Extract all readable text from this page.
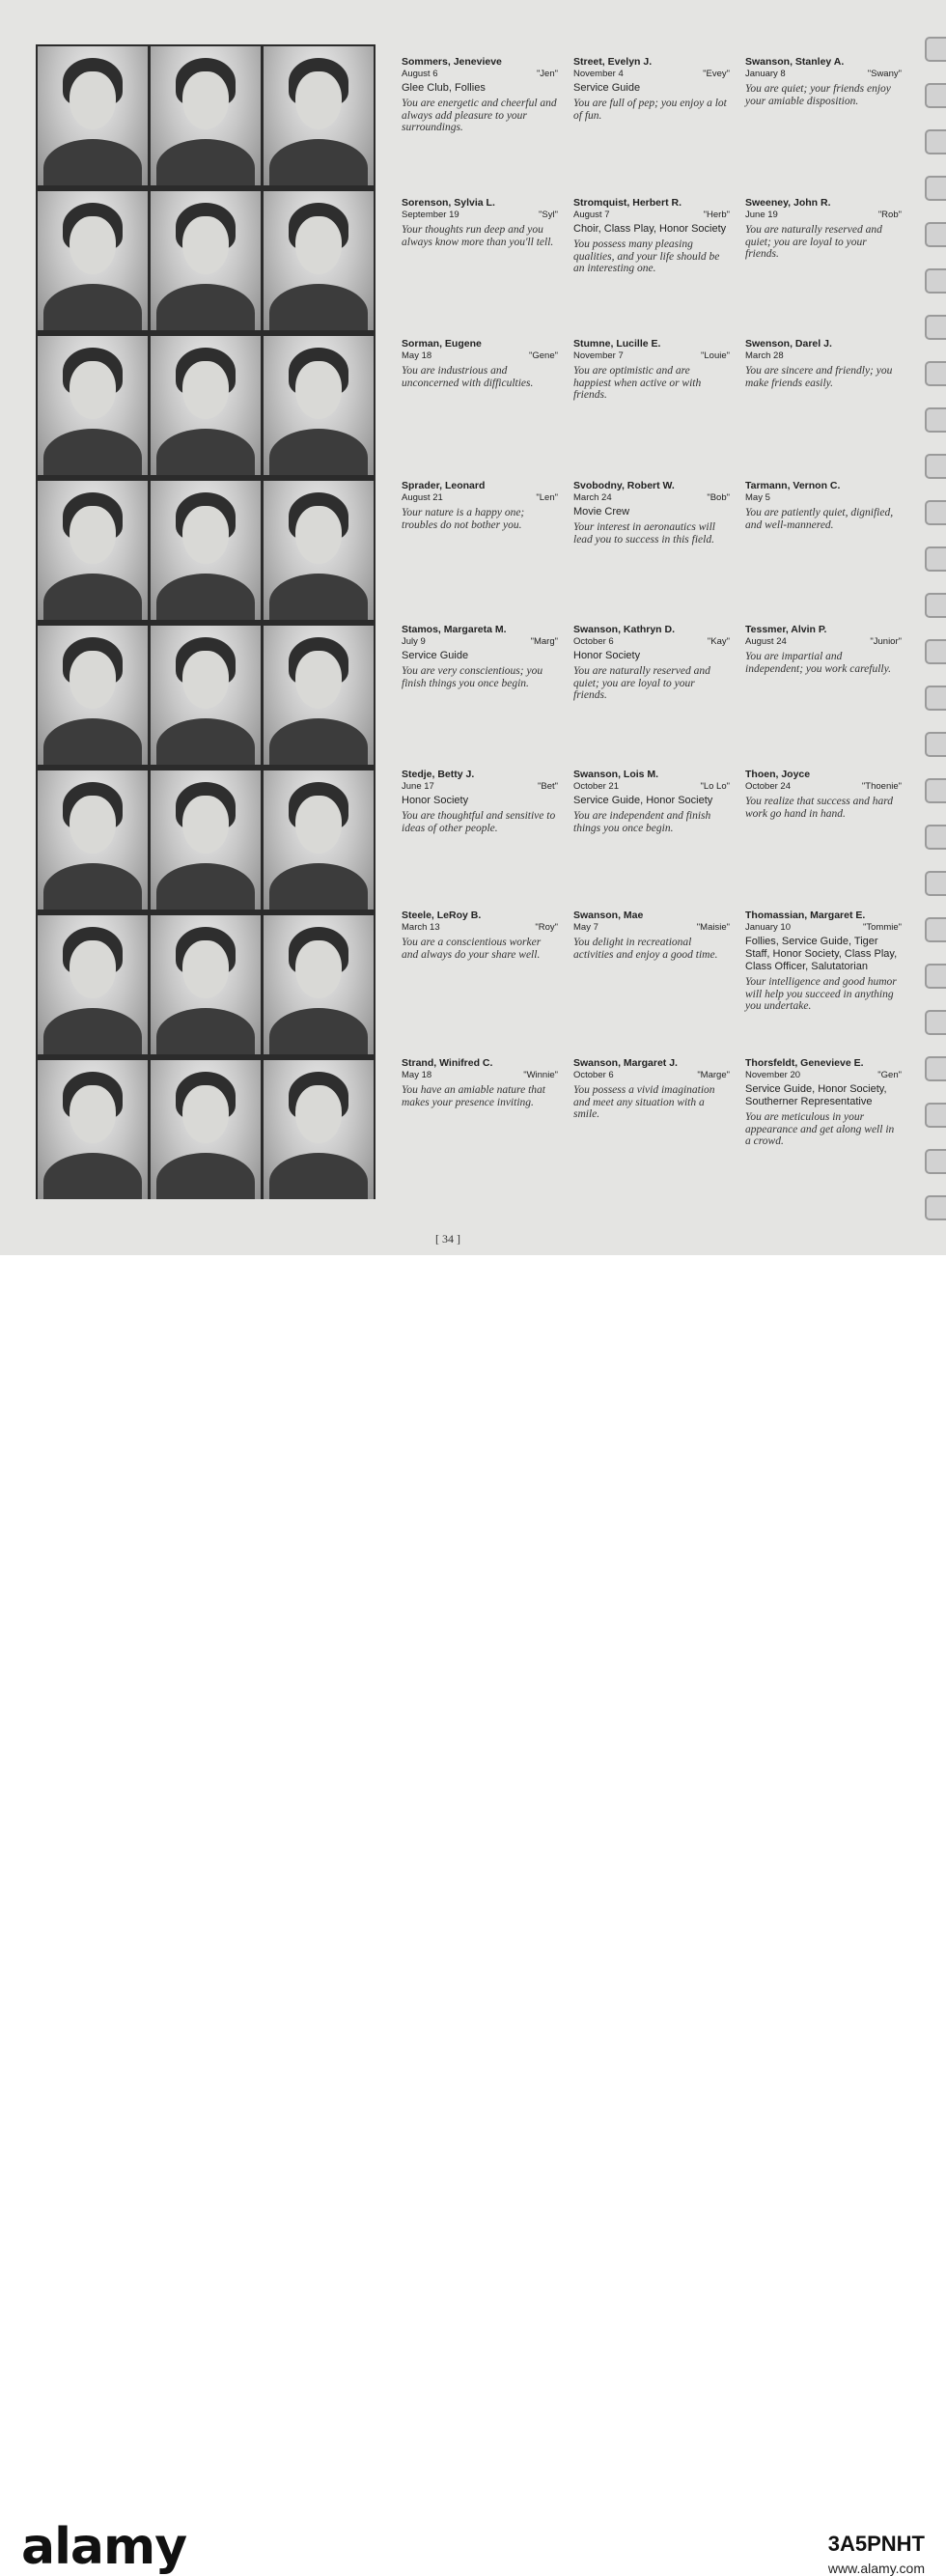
Sommers, Jenevieve
August 6	"Jen"
Glee Club, Follies
You are energetic and cheerful and always add pleasure to your surroundings.
Sorenson, Sylvia L.
September 19	"Syl"
Your thoughts run deep and you always know more than you'll tell.
Sorman, Eugene
May 18	"Gene"
You are industrious and unconcerned with difficulties.
Sprader, Leonard
August 21	"Len"
Your nature is a happy one; troubles do not bother you.
Stamos, Margareta M.
July 9	"Marg"
Service Guide
You are very conscientious; you finish things you once begin.
Stedje, Betty J.
June 17	"Bet"
Honor Society
You are thoughtful and sensitive to ideas of other people.
Steele, LeRoy B.
March 13	"Roy"
You are a conscientious worker and always do your share well.
Strand, Winifred C.
May 18	"Winnie"
You have an amiable nature that makes your presence inviting.
Street, Evelyn J.
November 4	"Evey"
Service Guide
You are full of pep; you enjoy a lot of fun.
Stromquist, Herbert R.
August 7	"Herb"
Choir, Class Play, Honor Society
You possess many pleasing qualities, and your life should be an interesting one.
Stumne, Lucille E.
November 7	"Louie"
You are optimistic and are happiest when active or with friends.
Svobodny, Robert W.
March 24	"Bob"
Movie Crew
Your interest in aeronautics will lead you to success in this field.
Swanson, Kathryn D.
October 6	"Kay"
Honor Society
You are naturally reserved and quiet; you are loyal to your friends.
Swanson, Lois M.
October 21	"Lo Lo"
Service Guide, Honor Society
You are independent and finish things you once begin.
Swanson, Mae
May 7	"Maisie"
You delight in recreational activities and enjoy a good time.
Swanson, Margaret J.
October 6	"Marge"
You possess a vivid imagination and meet any situation with a smile.
Swanson, Stanley A.
January 8	"Swany"
You are quiet; your friends enjoy your amiable disposition.
Sweeney, John R.
June 19	"Rob"
You are naturally reserved and quiet; you are loyal to your friends.
Swenson, Darel J.
March 28
You are sincere and friendly; you make friends easily.
Tarmann, Vernon C.
May 5
You are patiently quiet, dignified, and well-mannered.
Tessmer, Alvin P.
August 24	"Junior"
You are impartial and independent; you work carefully.
Thoen, Joyce
October 24	"Thoenie"
You realize that success and hard work go hand in hand.
Thomassian, Margaret E.
January 10	"Tommie"
Follies, Service Guide, Tiger Staff, Honor Society, Class Play, Class Officer, Salutatorian
Your intelligence and good humor will help you succeed in anything you undertake.
Thorsfeldt, Genevieve E.
November 20	"Gen"
Service Guide, Honor Society, Southerner Representative
You are meticulous in your appearance and get along well in a crowd.
[ 34 ]
alamy	3A5PNHT
www.alamy.com
